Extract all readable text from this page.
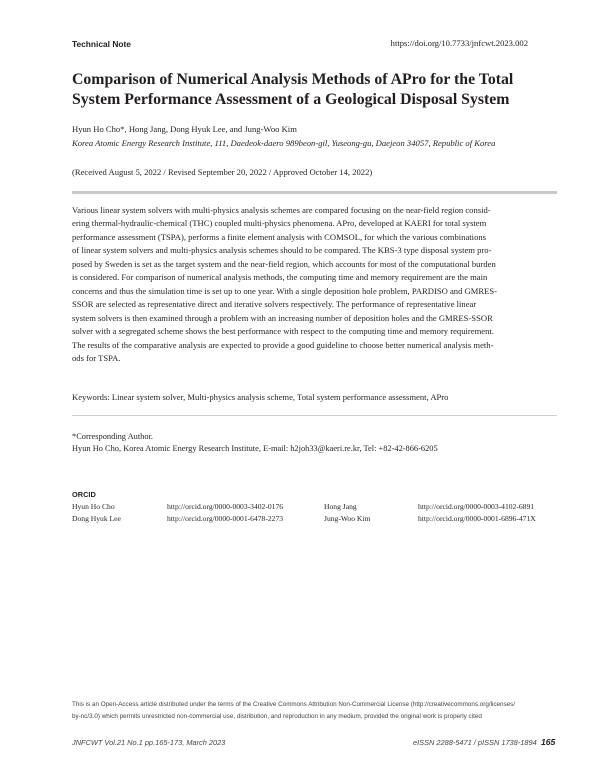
Technical Note	https://doi.org/10.7733/jnfcwt.2023.002
Comparison of Numerical Analysis Methods of APro for the Total System Performance Assessment of a Geological Disposal System
Hyun Ho Cho*, Hong Jang, Dong Hyuk Lee, and Jung-Woo Kim
Korea Atomic Energy Research Institute, 111, Daedeok-daero 989beon-gil, Yuseong-gu, Daejeon 34057, Republic of Korea
(Received August 5, 2022 / Revised September 20, 2022 / Approved October 14, 2022)
Various linear system solvers with multi-physics analysis schemes are compared focusing on the near-field region consid-
ering thermal-hydraulic-chemical (THC) coupled multi-physics phenomena. APro, developed at KAERI for total system
performance assessment (TSPA), performs a finite element analysis with COMSOL, for which the various combinations
of linear system solvers and multi-physics analysis schemes should to be compared. The KBS-3 type disposal system pro-
posed by Sweden is set as the target system and the near-field region, which accounts for most of the computational burden
is considered. For comparison of numerical analysis methods, the computing time and memory requirement are the main
concerns and thus the simulation time is set up to one year. With a single deposition hole problem, PARDISO and GMRES-
SSOR are selected as representative direct and iterative solvers respectively. The performance of representative linear
system solvers is then examined through a problem with an increasing number of deposition holes and the GMRES-SSOR
solver with a segregated scheme shows the best performance with respect to the computing time and memory requirement.
The results of the comparative analysis are expected to provide a good guideline to choose better numerical analysis meth-
ods for TSPA.
Keywords: Linear system solver, Multi-physics analysis scheme, Total system performance assessment, APro
*Corresponding Author.
Hyun Ho Cho, Korea Atomic Energy Research Institute, E-mail: h2joh33@kaeri.re.kr, Tel: +82-42-866-6205
ORCID
Hyun Ho Cho	http://orcid.org/0000-0003-3402-0176	Hong Jang	http://orcid.org/0000-0003-4102-6891
Dong Hyuk Lee	http://orcid.org/0000-0001-6478-2273	Jung-Woo Kim	http://orcid.org/0000-0001-6896-471X
This is an Open-Access article distributed under the terms of the Creative Commons Attribution Non-Commercial License (http://creativecommons.org/licenses/
by-nc/3.0) which permits unrestricted non-commercial use, distribution, and reproduction in any medium, provided the original work is properly cited
JNFCWT Vol.21 No.1 pp.165-173, March 2023	eISSN 2288-5471 / pISSN 1738-1894 165
